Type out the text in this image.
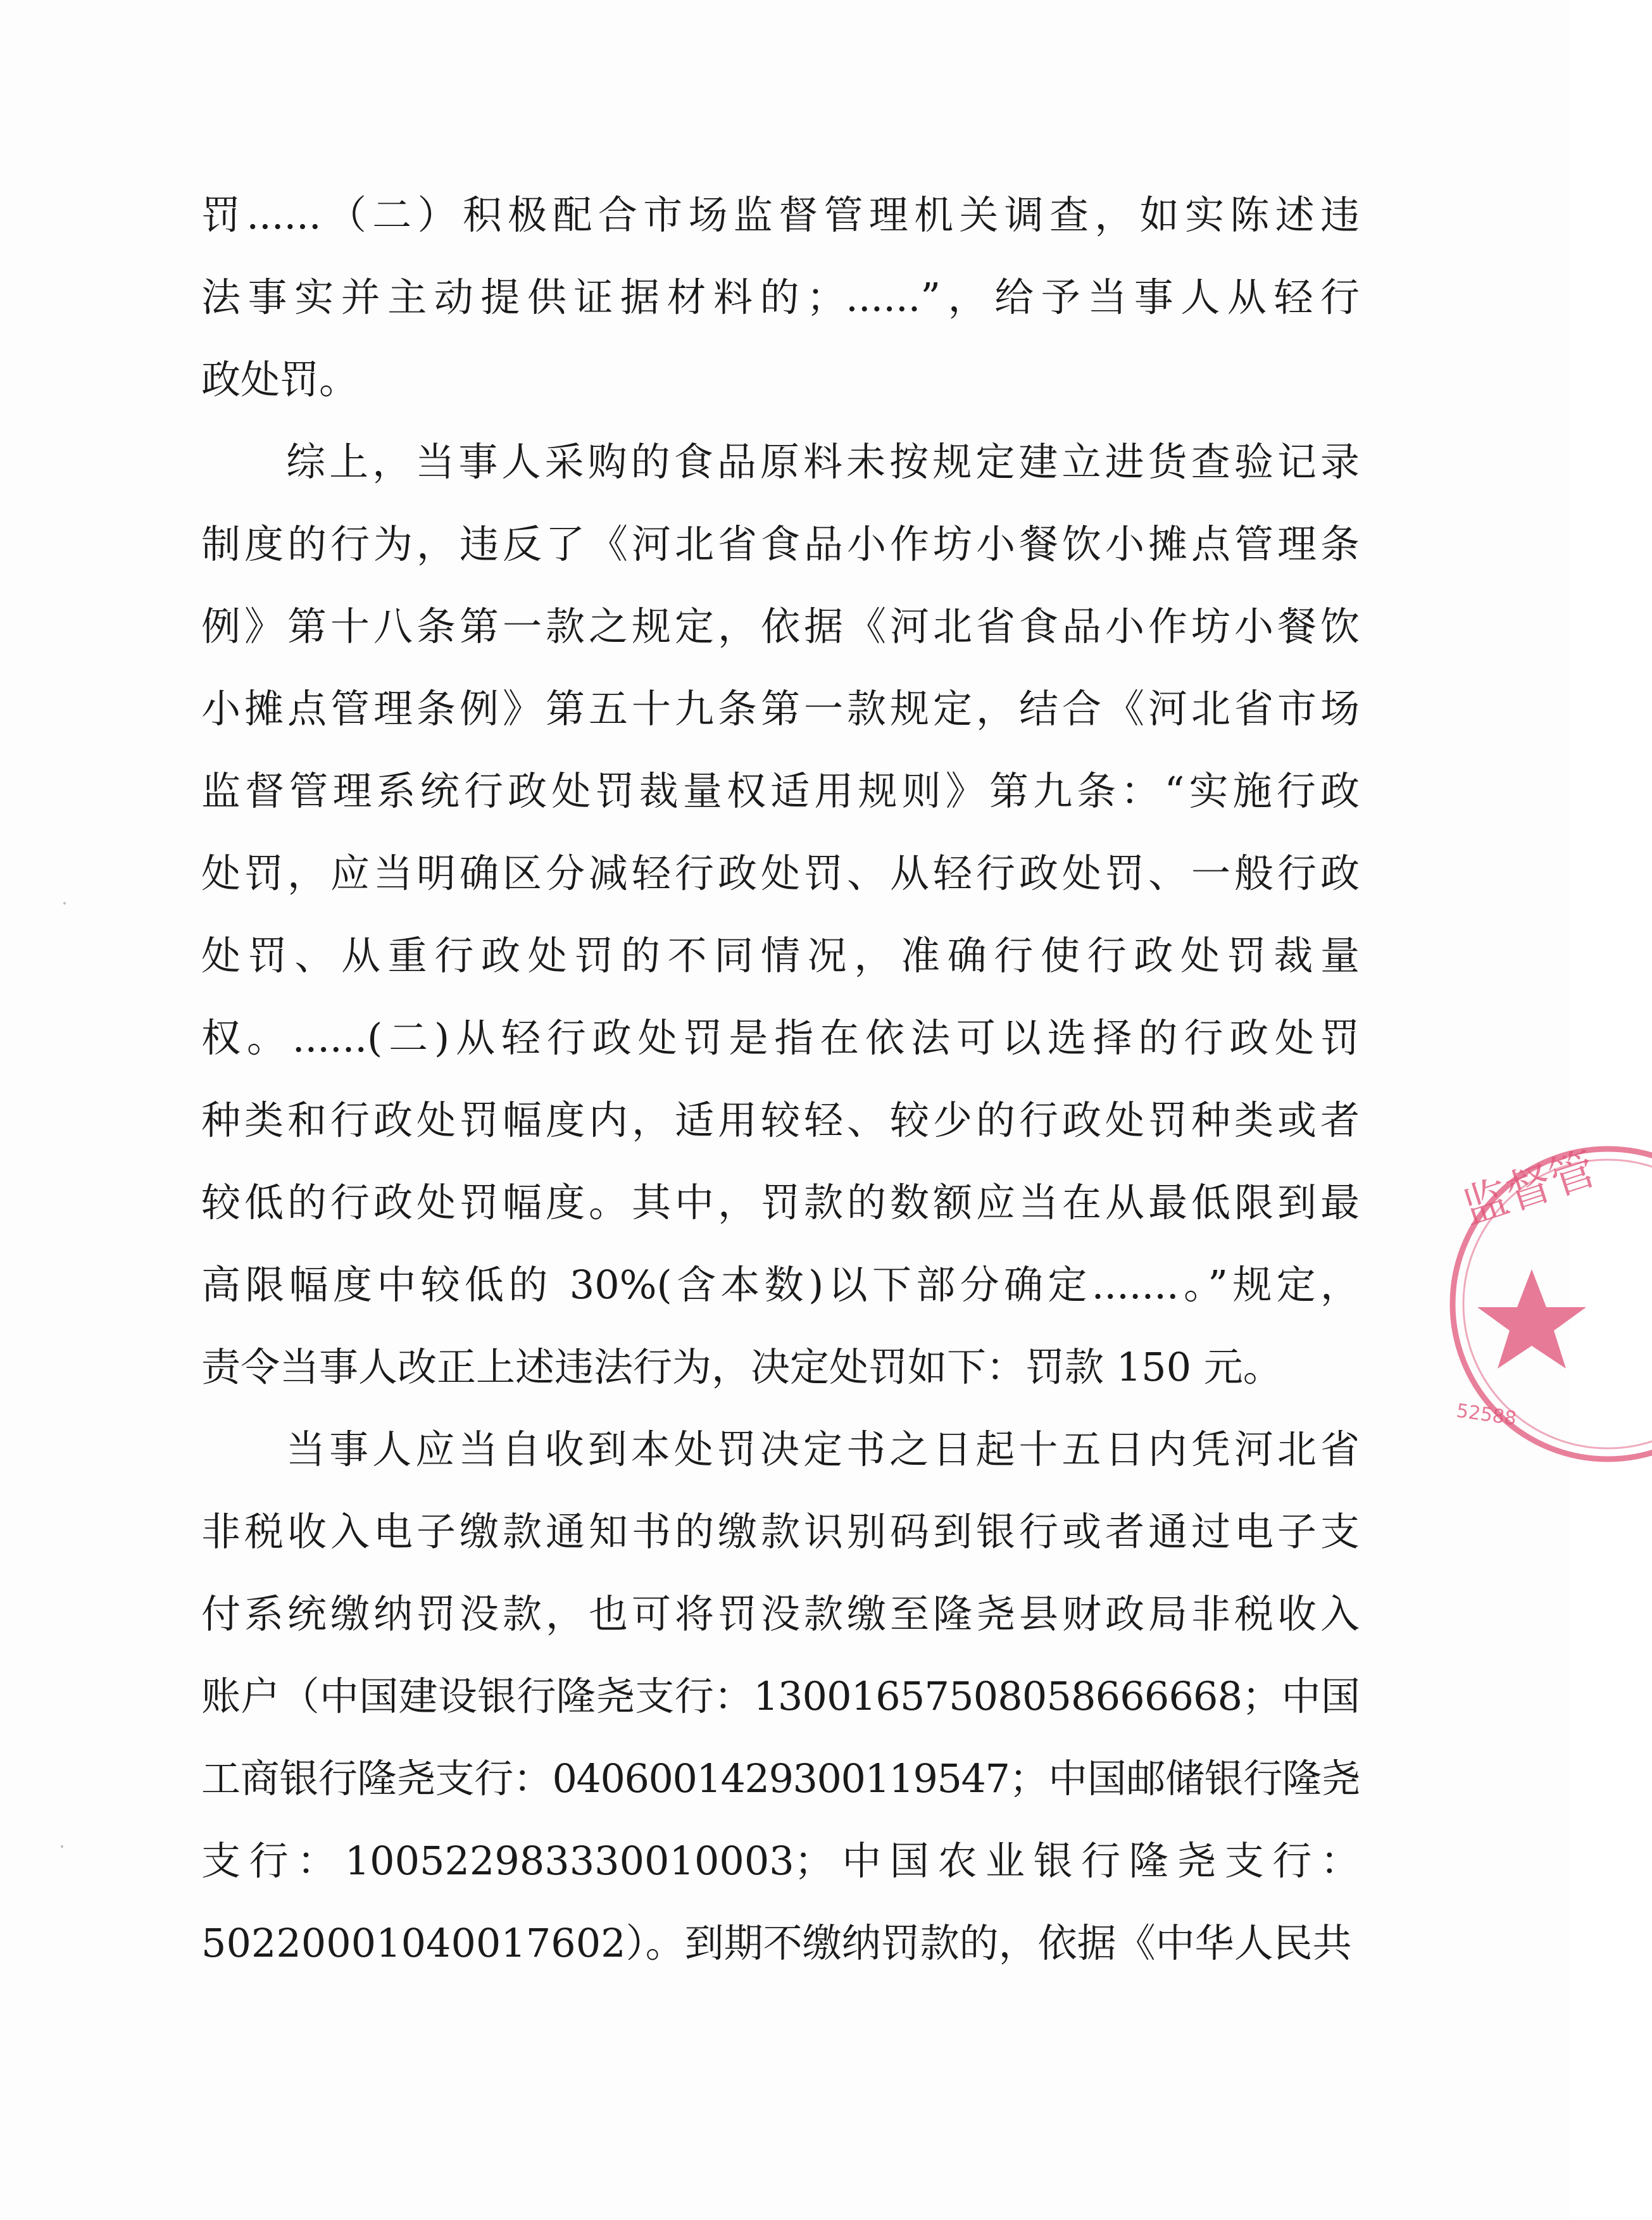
罚......（二）积极配合市场监督管理机关调查，如实陈述违
法事实并主动提供证据材料的；......”，给予当事人从轻行
政处罚。
综上，当事人采购的食品原料未按规定建立进货查验记录
制度的行为，违反了《河北省食品小作坊小餐饮小摊点管理条
例》第十八条第一款之规定，依据《河北省食品小作坊小餐饮
小摊点管理条例》第五十九条第一款规定，结合《河北省市场
监督管理系统行政处罚裁量权适用规则》第九条：“实施行政
处罚，应当明确区分减轻行政处罚、从轻行政处罚、一般行政
处罚、从重行政处罚的不同情况，准确行使行政处罚裁量
权。......(二)从轻行政处罚是指在依法可以选择的行政处罚
种类和行政处罚幅度内，适用较轻、较少的行政处罚种类或者
较低的行政处罚幅度。其中，罚款的数额应当在从最低限到最
高限幅度中较低的 30%(含本数)以下部分确定.......。”规定，
责令当事人改正上述违法行为，决定处罚如下：罚款 150 元。
当事人应当自收到本处罚决定书之日起十五日内凭河北省
非税收入电子缴款通知书的缴款识别码到银行或者通过电子支
付系统缴纳罚没款，也可将罚没款缴至隆尧县财政局非税收入
账户（中国建设银行隆尧支行：13001657508058666668；中国
工商银行隆尧支行：0406001429300119547；中国邮储银行隆尧
支行：100522983330010003；中国农业银行隆尧支行：
50220001040017602）。到期不缴纳罚款的，依据《中华人民共
监督管
52588
